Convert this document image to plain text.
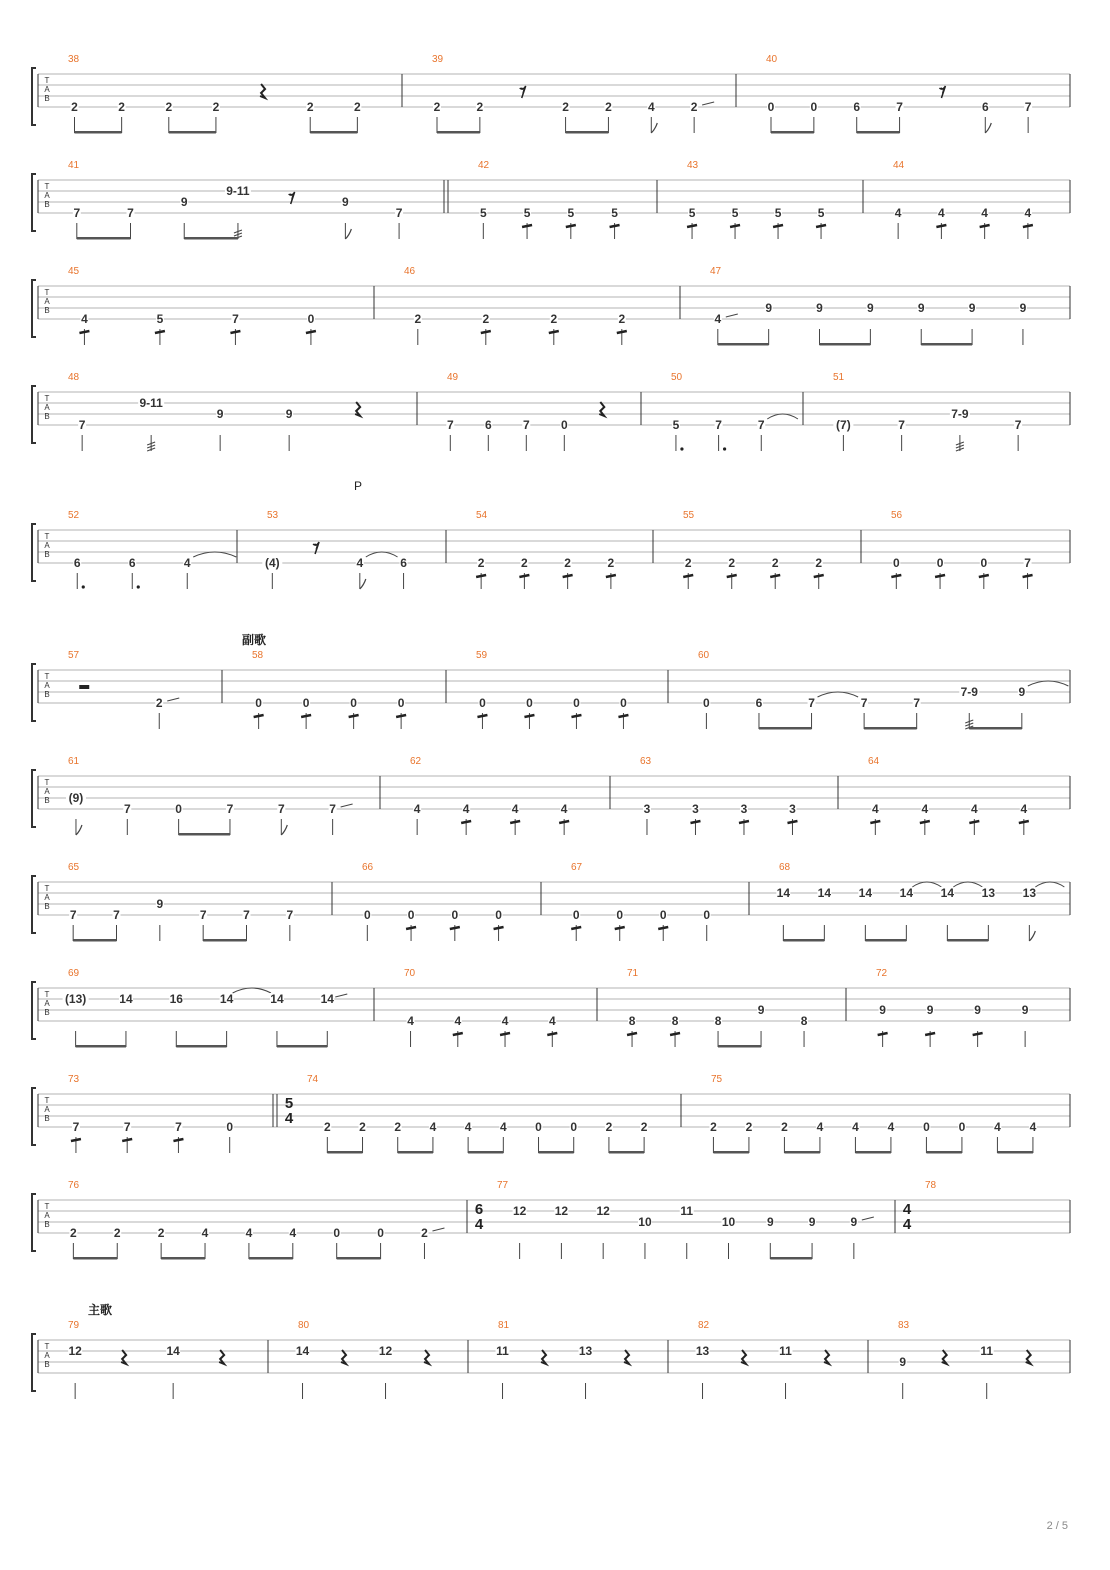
T
A
B
38
2	2	2	2	2	2
39
2	2
𝄾
2	2	4	2
40
0	0	6	7
𝄾
6	7
T
A
B
41
7	7
9
9-11 𝄾	9
7
42
5	5	5	5
43
5	5	5	5
44
4	4	4	4
T
A
B
45
4	5	7	0
46
2	2	2	2
47
4
9	9	9	9	9	9
T
A
B
48
7
9-11
9	9
49
7	6	7	0
50
5	7	7
51
(7)	7
7-9
7
P
T
A
B
52
6	6	4
53
(4)
𝄾
4	6
54
2	2	2	2
55
2	2	2	2
56
0	0	0	7
副歌
T
A
B
57
2
58
0	0	0	0
59
0	0	0	0
60
0	6	7	7	7
7-9	9
T
A
B
61
(9)
7	0	7	7	7
62
4	4	4	4
63
3	3	3	3
64
4	4	4	4
T
A
B
65
7	7
9
7	7	7
66
0	0	0	0
67
0	0	0	0
68
14 14 14 14 14 13 13
T
A
B
69
(13)	14	16	14	14	14
70
4	4	4	4
71
8	8	8
9
8
72
9	9	9	9
T
A
B
73
7	7	7	0
74
5
4	2 2 2 4 4 4 0 0 2 2
75
2 2 2 4 4 4 0 0 4 4
T
A
B
76
2	2	2	4	4	4	0	0	2
77
6
4
12 12 12
10
11
10	9	9	9
78
4
4
主歌
T
A
B
79
12	14
80
14	12
81
11	13
82
13	11
83
9
11
2 / 5
